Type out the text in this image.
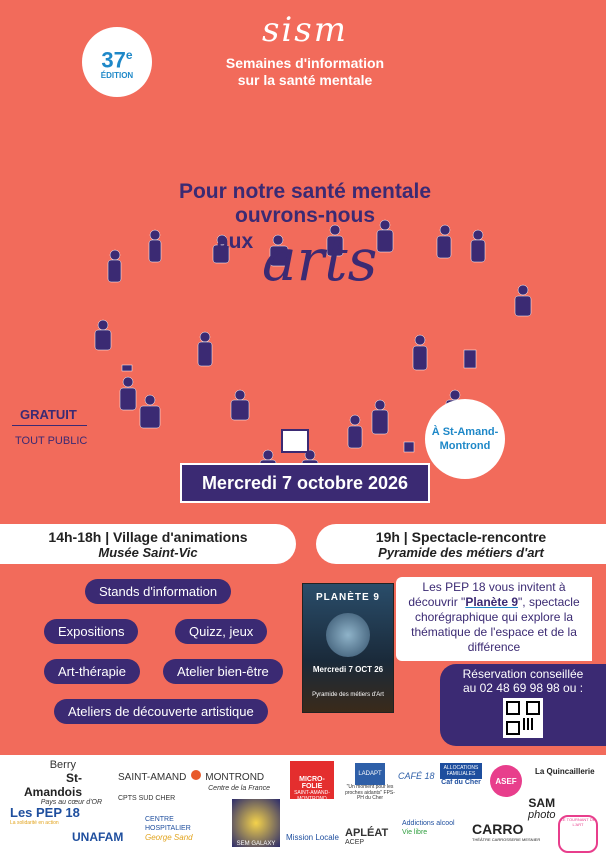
sism
Semaines d'information
sur la santé mentale
37e
ÉDITION
Pour notre santé mentale
ouvrons-nous
aux arts
GRATUIT
TOUT PUBLIC
À St-Amand-
Montrond
Mercredi 7 octobre 2026
14h-18h | Village d'animations
Musée Saint-Vic
19h | Spectacle-rencontre
Pyramide des métiers d'art
Stands d'information
Expositions	Quizz, jeux
Art-thérapie	Atelier bien-être
Ateliers de découverte artistique
PLANÈTE 9
Mercredi 7 OCT 26
Pyramide des métiers d'Art
Les PEP 18 vous invitent à découvrir "Planète 9", spectacle chorégraphique qui explore la thématique de l'espace et de la différence
Réservation conseillée
au 02 48 69 98 98 ou :
Berry
St-Amandois
Pays au cœur d'OR
SAINT-AMAND MONTROND
Centre de la France
MICRO-FOLIE
SAINT-AMAND-MONTROND
LADAPT
"Un moment pour les proches aidants" FPS-PH du Cher
CAFÉ 18
ALLOCATIONS FAMILIALES
Caf du Cher	ASEF
La Quincaillerie
CPTS SUD CHER
Les PEP 18
La solidarité en action
UNAFAM
CENTRE
HOSPITALIER
George Sand
SEM GALAXY
Mission Locale APLÉAT
ACEP
Addictions alcool
Vie libre
SAM
photo
CARRO
THÉÂTRE CARROSSERIE MESNIER
LE TOURNANT DE L'ART
